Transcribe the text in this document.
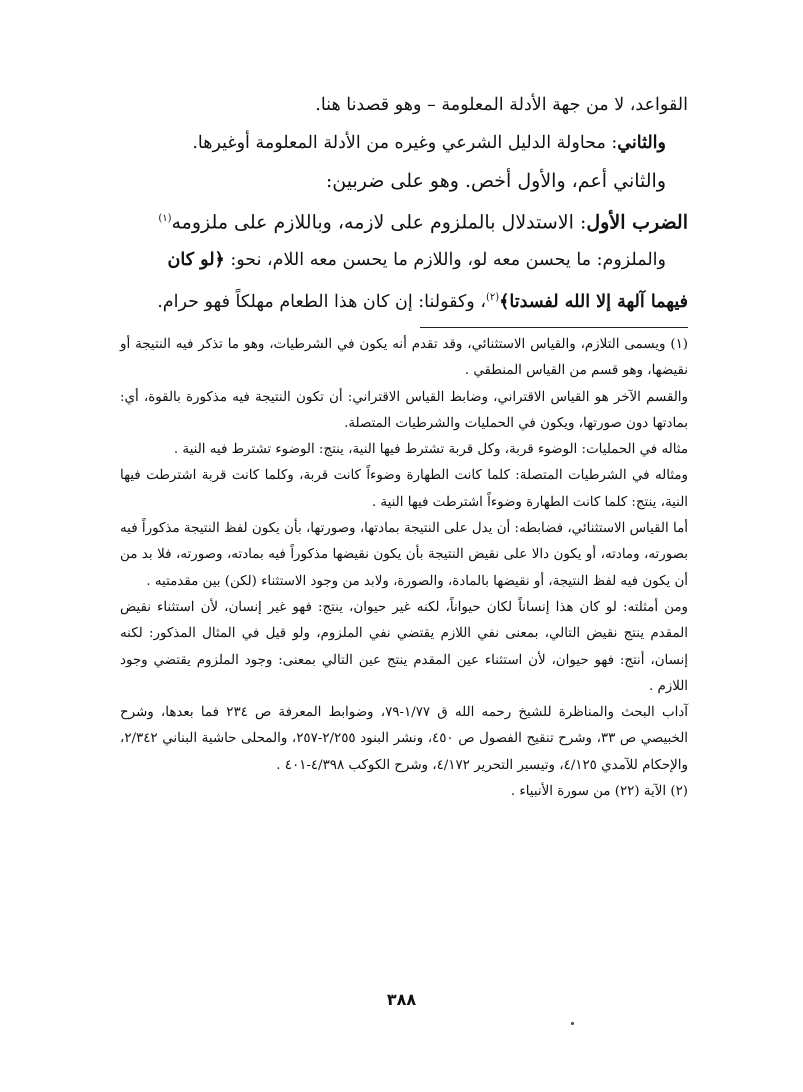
القواعد، لا من جهة الأدلة المعلومة – وهو قصدنا هنا.

والثاني: محاولة الدليل الشرعي وغيره من الأدلة المعلومة أوغيرها.

والثاني أعم، والأول أخص. وهو على ضربين:

الضرب الأول: الاستدلال بالملزوم على لازمه، وباللازم على ملزومه$^{(١)}$

والملزوم: ما يحسن معه لو، واللازم ما يحسن معه اللام، نحو: ﴿لو كان

فيهما آلهة إلا الله لفسدتا﴾$^{(٢)}$، وكقولنا: إن كان هذا الطعام مهلكاً فهو حرام.

(١) ويسمى التلازم، والقياس الاستثنائي، وقد تقدم أنه يكون في الشرطيات، وهو ما تذكر فيه النتيجة أو نقيضها، وهو قسم من القياس المنطقي .

والقسم الآخر هو القياس الاقتراني، وضابط القياس الاقتراني: أن تكون النتيجة فيه مذكورة بالقوة، أي: بمادتها دون صورتها، ويكون في الحمليات والشرطيات المتصلة.

مثاله في الحمليات: الوضوء قربة، وكل قربة تشترط فيها النية، ينتج: الوضوء تشترط فيه النية .

ومثاله في الشرطيات المتصلة: كلما كانت الطهارة وضوءاً كانت قربة، وكلما كانت قربة اشترطت فيها النية، ينتج: كلما كانت الطهارة وضوءاً اشترطت فيها النية .

أما القياس الاستثنائي، فضابطه: أن يدل على النتيجة بمادتها، وصورتها، بأن يكون لفظ النتيجة مذكوراً فيه بصورته، ومادته، أو يكون دالا على نقيض النتيجة بأن يكون نقيضها مذكوراً فيه بمادته، وصورته، فلا بد من أن يكون فيه لفظ النتيجة، أو نقيضها بالمادة، والصورة، ولابد من وجود الاستثناء (لكن) بين مقدمتيه .

ومن أمثلته: لو كان هذا إنساناً لكان حيواناً، لكنه غير حيوان، ينتج: فهو غير إنسان، لأن استثناء نقيض المقدم ينتج نقيض التالي، بمعنى نفي اللازم يقتضي نفي الملزوم، ولو قيل في المثال المذكور: لكنه إنسان، أنتج: فهو حيوان، لأن استثناء عين المقدم ينتج عين التالي بمعنى: وجود الملزوم يقتضي وجود اللازم .

آداب البحث والمناظرة للشيخ رحمه الله ق ١/٧٧-٧٩، وضوابط المعرفة ص ٢٣٤ فما بعدها، وشرح الخبيصي ص ٣٣، وشرح تنقيح الفصول ص ٤٥٠، ونشر البنود ٢/٢٥٥-٢٥٧، والمحلى حاشية البناني ٢/٣٤٢، والإحكام للآمدي ٤/١٢٥، وتيسير التحرير ٤/١٧٢، وشرح الكوكب ٤/٣٩٨-٤٠١ .

(٢) الآية (٢٢) من سورة الأنبياء .

٣٨٨
